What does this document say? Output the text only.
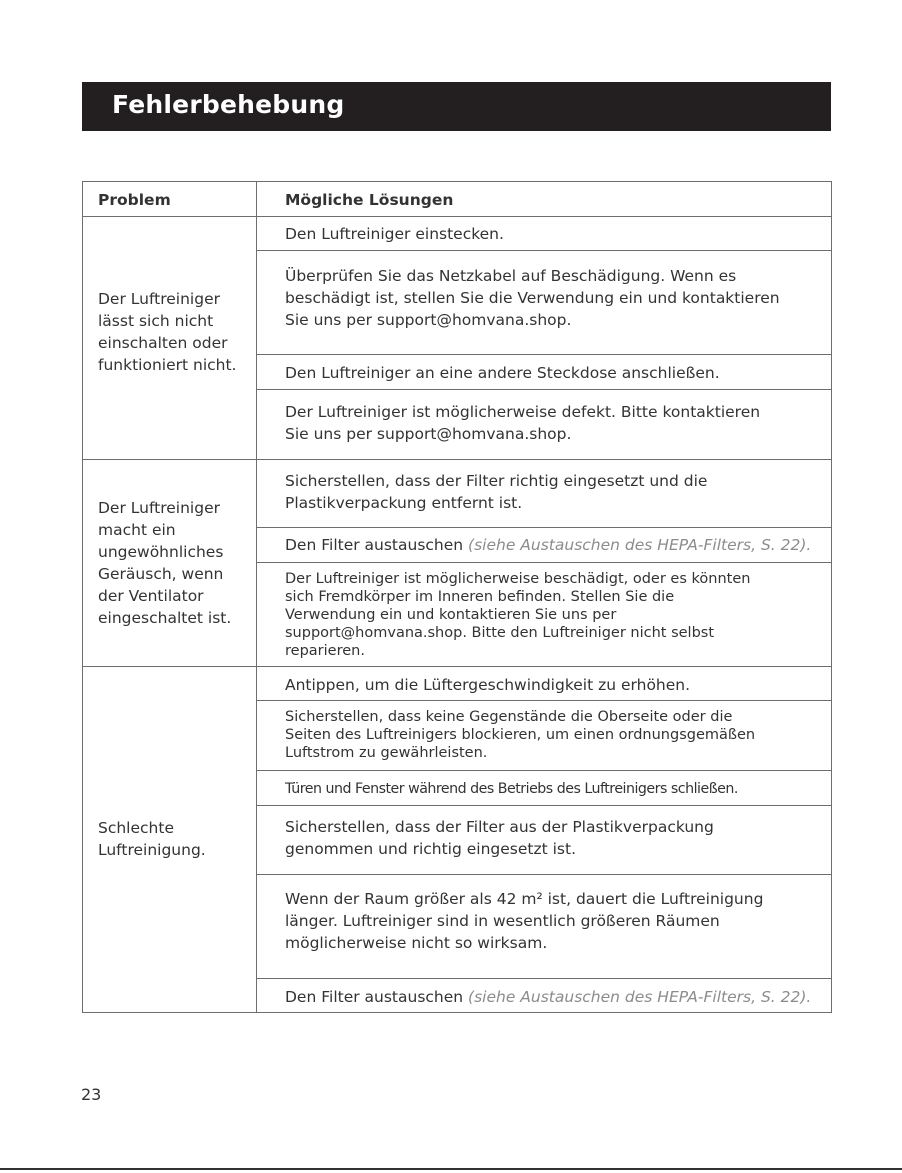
Fehlerbehebung
Problem	Mögliche Lösungen
Der Luftreiniger
lässt sich nicht
einschalten oder
funktioniert nicht.
Den Luftreiniger einstecken.
Überprüfen Sie das Netzkabel auf Beschädigung. Wenn es
beschädigt ist, stellen Sie die Verwendung ein und kontaktieren
Sie uns per support@homvana.shop.
Den Luftreiniger an eine andere Steckdose anschließen.
Der Luftreiniger ist möglicherweise defekt. Bitte kontaktieren
Sie uns per support@homvana.shop.
Der Luftreiniger
macht ein
ungewöhnliches
Geräusch, wenn
der Ventilator
eingeschaltet ist.
Sicherstellen, dass der Filter richtig eingesetzt und die
Plastikverpackung entfernt ist.
Den Filter austauschen (siehe Austauschen des HEPA-Filters, S. 22).
Der Luftreiniger ist möglicherweise beschädigt, oder es könnten
sich Fremdkörper im Inneren befinden. Stellen Sie die
Verwendung ein und kontaktieren Sie uns per
support@homvana.shop. Bitte den Luftreiniger nicht selbst
reparieren.
Schlechte
Luftreinigung.
Antippen, um die Lüftergeschwindigkeit zu erhöhen.
Sicherstellen, dass keine Gegenstände die Oberseite oder die
Seiten des Luftreinigers blockieren, um einen ordnungsgemäßen
Luftstrom zu gewährleisten.
Türen und Fenster während des Betriebs des Luftreinigers schließen.
Sicherstellen, dass der Filter aus der Plastikverpackung
genommen und richtig eingesetzt ist.
Wenn der Raum größer als 42 m² ist, dauert die Luftreinigung
länger. Luftreiniger sind in wesentlich größeren Räumen
möglicherweise nicht so wirksam.
Den Filter austauschen (siehe Austauschen des HEPA-Filters, S. 22).
23
